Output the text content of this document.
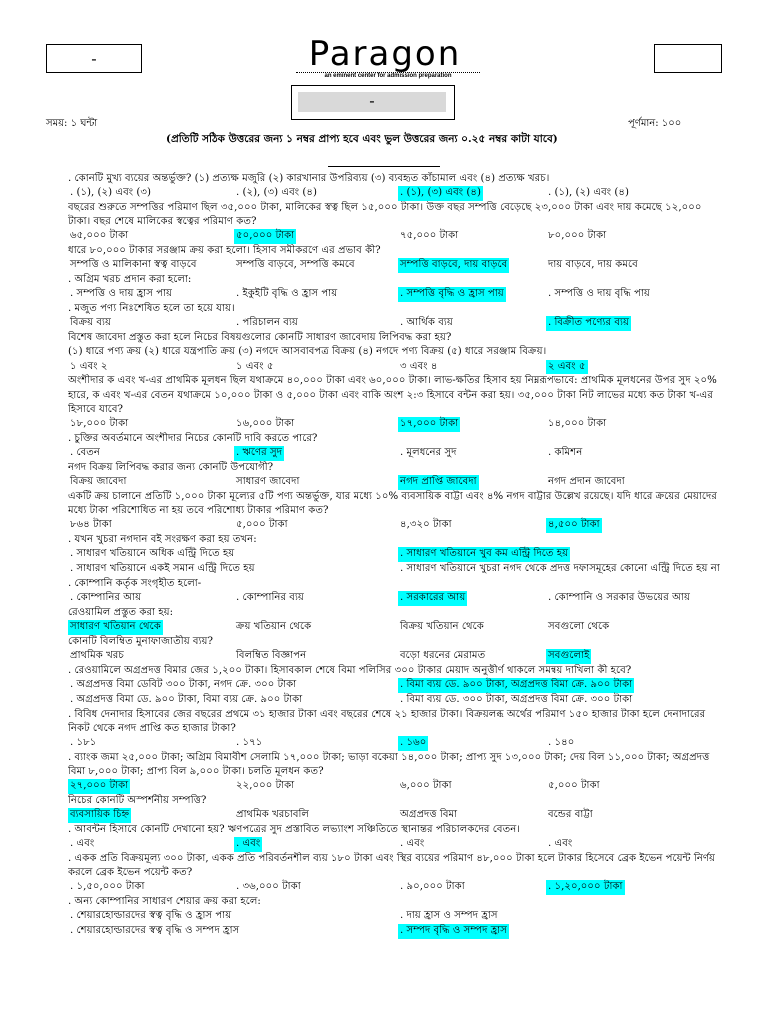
-	Paragon
an eminent center for admission preparation
-
সময়: ১ ঘন্টা	পূর্ণমান: ১০০
(প্রতিটি সঠিক উত্তরের জন্য ১ নম্বর প্রাপ্য হবে এবং ভুল উত্তরের জন্য ০.২৫ নম্বর কাটা যাবে)
. কোনটি মুখ্য ব্যয়ের অন্তর্ভুক্ত? (১) প্রত্যক্ষ মজুরি (২) কারখানার উপরিব্যয় (৩) ব্যবহৃত কাঁচামাল এবং (৪) প্রত্যক্ষ খরচ।
. (১), (২) এবং (৩)	. (২), (৩) এবং (৪)	. (১), (৩) এবং (৪)	. (১), (২) এবং (৪)
বছরের শুরুতে সম্পত্তির পরিমাণ ছিল ৩৫,০০০ টাকা, মালিকের স্বত্ব ছিল ১৫,০০০ টাকা। উক্ত বছর সম্পত্তি বেড়েছে ২৩,০০০ টাকা এবং দায় কমেছে ১২,০০০ টাকা। বছর শেষে মালিকের স্বত্বের পরিমাণ কত?
৬৫,০০০ টাকা	৫০,০০০ টাকা	৭৫,০০০ টাকা	৮০,০০০ টাকা
ধারে ৮০,০০০ টাকার সরঞ্জাম ক্রয় করা হলো। হিসাব সমীকরণে এর প্রভাব কী?
সম্পত্তি ও মালিকানা স্বত্ব বাড়বে	সম্পত্তি বাড়বে, সম্পত্তি কমবে	সম্পত্তি বাড়বে, দায় বাড়বে	দায় বাড়বে, দায় কমবে
. অগ্রিম খরচ প্রদান করা হলো:
. সম্পত্তি ও দায় হ্রাস পায়	. ইকুইটি বৃদ্ধি ও হ্রাস পায়	. সম্পত্তি বৃদ্ধি ও হ্রাস পায়	. সম্পত্তি ও দায় বৃদ্ধি পায়
. মজুত পণ্য নিঃশেষিত হলে তা হয়ে যায়।
বিক্রয় ব্যয়	. পরিচালন ব্যয়	. আর্থিক ব্যয়	. বিক্রীত পণ্যের ব্যয়
বিশেষ জাবেদা প্রস্তুত করা হলে নিচের বিষয়গুলোর কোনটি সাধারণ জাবেদায় লিপিবদ্ধ করা হয়?
(১) ধারে পণ্য ক্রয় (২) ধারে যন্ত্রপাতি ক্রয় (৩) নগদে আসবাবপত্র বিক্রয় (৪) নগদে পণ্য বিক্রয় (৫) ধারে সরঞ্জাম বিক্রয়।
১ এবং ২	১ এবং ৫	৩ এবং ৪	২ এবং ৫
অংশীদার ক এবং খ-এর প্রাথমিক মূলধন ছিল যথাক্রমে ৪০,০০০ টাকা এবং ৬০,০০০ টাকা। লাভ-ক্ষতির হিসাব হয় নিম্নরূপভাবে: প্রাথমিক মূলধনের উপর সুদ ২০% হারে, ক এবং খ-এর বেতন যথাক্রমে ১০,০০০ টাকা ও ৫,০০০ টাকা এবং বাকি অংশ ২:৩ হিসাবে বন্টন করা হয়। ৩৫,০০০ টাকা নিট লাভের মধ্যে কত টাকা খ-এর হিসাবে যাবে?
১৮,০০০ টাকা	১৬,০০০ টাকা	১৭,০০০ টাকা	১৪,০০০ টাকা
. চুক্তির অবর্তমানে অংশীদার নিচের কোনটি দাবি করতে পারে?
. বেতন	. ঋণের সুদ	. মূলধনের সুদ	. কমিশন
নগদ বিক্রয় লিপিবদ্ধ করার জন্য কোনটি উপযোগী?
বিক্রয় জাবেদা	সাধারণ জাবেদা	নগদ প্রাপ্তি জাবেদা	নগদ প্রদান জাবেদা
একটি ক্রয় চালানে প্রতিটি ১,০০০ টাকা মূল্যের ৫টি পণ্য অন্তর্ভুক্ত, যার মধ্যে ১০% ব্যবসায়িক বাট্টা এবং ৪% নগদ বাট্টার উল্লেখ রয়েছে। যদি ধারে ক্রয়ের মেয়াদের মধ্যে টাকা পরিশোধিত না হয় তবে পরিশোধ্য টাকার পরিমাণ কত?
৮৬৪ টাকা	৫,০০০ টাকা	৪,৩২০ টাকা	৪,৫০০ টাকা
. যখন খুচরা নগদান বই সংরক্ষণ করা হয় তখন:
. সাধারণ খতিয়ানে অধিক এন্ট্রি দিতে হয়	. সাধারণ খতিয়ানে খুব কম এন্ট্রি দিতে হয়
. সাধারণ খতিয়ানে একই সমান এন্ট্রি দিতে হয়	. সাধারণ খতিয়ানে খুচরা নগদ থেকে প্রদত্ত দফাসমূহের কোনো এন্ট্রি দিতে হয় না
. কোম্পানি কর্তৃক সংগৃহীত হলো-
. কোম্পানির আয়	. কোম্পানির ব্যয়	. সরকারের আয়	. কোম্পানি ও সরকার উভয়ের আয়
রেওয়ামিল প্রস্তুত করা হয়:
সাধারণ খতিয়ান থেকে	ক্রয় খতিয়ান থেকে	বিক্রয় খতিয়ান থেকে	সবগুলো থেকে
কোনটি বিলম্বিত মুনাফাজাতীয় ব্যয়?
প্রাথমিক খরচ	বিলম্বিত বিজ্ঞাপন	বড়ো ধরনের মেরামত	সবগুলোই
. রেওয়ামিলে অগ্রপ্রদত্ত বিমার জের ১,২০০ টাকা। হিসাবকাল শেষে বিমা পলিসির ৩০০ টাকার মেয়াদ অনুত্তীর্ণ থাকলে সমন্বয় দাখিলা কী হবে?
. অগ্রপ্রদত্ত বিমা ডেবিট ৩০০ টাকা, নগদ ক্রে. ৩০০ টাকা	. বিমা ব্যয় ডে. ৯০০ টাকা, অগ্রপ্রদত্ত বিমা ক্রে. ৯০০ টাকা
. অগ্রপ্রদত্ত বিমা ডে. ৯০০ টাকা, বিমা ব্যয় ক্রে. ৯০০ টাকা	. বিমা ব্যয় ডে. ৩০০ টাকা, অগ্রপ্রদত্ত বিমা ক্রে. ৩০০ টাকা
. বিবিধ দেনাদার হিসাবের জের বছরের প্রথমে ৩১ হাজার টাকা এবং বছরের শেষে ২১ হাজার টাকা। বিক্রয়লব্ধ অর্থের পরিমাণ ১৫০ হাজার টাকা হলে দেনাদারের নিকট থেকে নগদ প্রাপ্তি কত হাজার টাকা?
. ১৮১	. ১৭১	. ১৬০	. ১৪০
. ব্যাংক জমা ২৫,০০০ টাকা; অগ্রিম বিমাবীশ সেলামি ১৭,০০০ টাকা; ভাড়া বকেয়া ১৪,০০০ টাকা; প্রাপ্য সুদ ১৩,০০০ টাকা; দেয় বিল ১১,০০০ টাকা; অগ্রপ্রদত্ত বিমা ৮,০০০ টাকা; প্রাপ্য বিল ৯,০০০ টাকা। চলতি মূলধন কত?
২৭,০০০ টাকা	২২,০০০ টাকা	৬,০০০ টাকা	৫,০০০ টাকা
নিচের কোনটি অস্পর্শনীয় সম্পত্তি?
ব্যবসায়িক চিহ্ন	প্রাথমিক খরচাবলি	অগ্রপ্রদত্ত বিমা	বন্ডের বাট্টা
. আবন্টন হিসাবে কোনটি দেখানো হয়? ঋণপত্রের সুদ প্রস্তাবিত লভ্যাংশ সঞ্চিতিতে স্থানান্তর পরিচালকদের বেতন।
. এবং	. এবং	. এবং	. এবং
. একক প্রতি বিক্রয়মূল্য ৩০০ টাকা, একক প্রতি পরিবর্তনশীল ব্যয় ১৮০ টাকা এবং স্থির ব্যয়ের পরিমাণ ৪৮,০০০ টাকা হলে টাকার হিসেবে ব্রেক ইভেন পয়েন্ট নির্ণয় করলে ব্রেক ইভেন পয়েন্ট কত?
. ১,৫০,০০০ টাকা	. ৩৬,০০০ টাকা	. ৯০,০০০ টাকা	. ১,২০,০০০ টাকা
. অন্য কোম্পানির সাধারণ শেয়ার ক্রয় করা হলে:
. শেয়ারহোল্ডারদের স্বত্ব বৃদ্ধি ও হ্রাস পায়	. দায় হ্রাস ও সম্পদ হ্রাস
. শেয়ারহোল্ডারদের স্বত্ব বৃদ্ধি ও সম্পদ হ্রাস	. সম্পদ বৃদ্ধি ও সম্পদ হ্রাস
